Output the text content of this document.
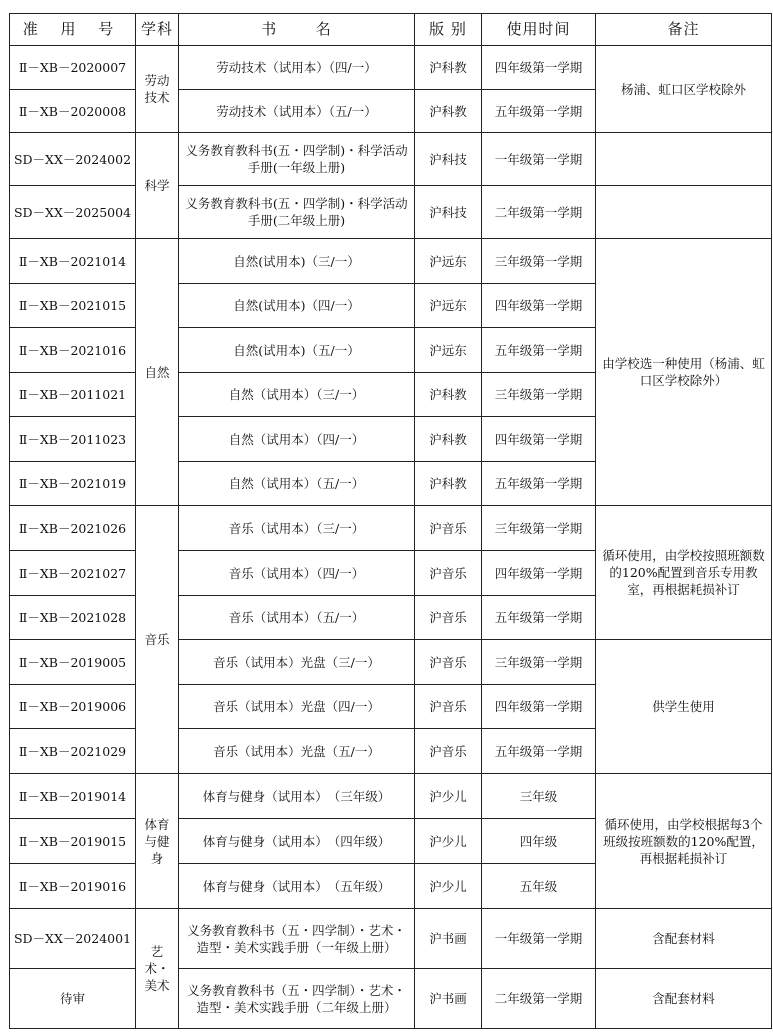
准 用 号	学科	书 名	版 别	使用时间	备注
Ⅱ－XB－2020007	劳动技术	劳动技术（试用本）（四/一）	沪科教	四年级第一学期	杨浦、虹口区学校除外
Ⅱ－XB－2020008		劳动技术（试用本）（五/一）	沪科教	五年级第一学期	
SD－XX－2024002	科学	义务教育教科书(五・四学制)・科学活动手册(一年级上册)	沪科技	一年级第一学期	
SD－XX－2025004		义务教育教科书(五・四学制)・科学活动手册(二年级上册)	沪科技	二年级第一学期	
Ⅱ－XB－2021014	自然	自然(试用本)（三/一）	沪远东	三年级第一学期	由学校选一种使用（杨浦、虹口区学校除外）
Ⅱ－XB－2021015		自然(试用本)（四/一）	沪远东	四年级第一学期	
Ⅱ－XB－2021016		自然(试用本)（五/一）	沪远东	五年级第一学期	
Ⅱ－XB－2011021		自然（试用本）（三/一）	沪科教	三年级第一学期	
Ⅱ－XB－2011023		自然（试用本）（四/一）	沪科教	四年级第一学期	
Ⅱ－XB－2021019		自然（试用本）（五/一）	沪科教	五年级第一学期	
Ⅱ－XB－2021026	音乐	音乐（试用本）（三/一）	沪音乐	三年级第一学期	循环使用，由学校按照班额数的120%配置到音乐专用教室，再根据耗损补订
Ⅱ－XB－2021027		音乐（试用本）（四/一）	沪音乐	四年级第一学期	
Ⅱ－XB－2021028		音乐（试用本）（五/一）	沪音乐	五年级第一学期	
Ⅱ－XB－2019005		音乐（试用本）光盘（三/一）	沪音乐	三年级第一学期	供学生使用
Ⅱ－XB－2019006		音乐（试用本）光盘（四/一）	沪音乐	四年级第一学期	
Ⅱ－XB－2021029		音乐（试用本）光盘（五/一）	沪音乐	五年级第一学期	
Ⅱ－XB－2019014	体育与健身	体育与健身（试用本）　（三年级）	沪少儿	三年级	循环使用，由学校根据每3个班级按班额数的120%配置，再根据耗损补订
Ⅱ－XB－2019015		体育与健身（试用本）　（四年级）	沪少儿	四年级	
Ⅱ－XB－2019016		体育与健身（试用本）　（五年级）	沪少儿	五年级	
SD－XX－2024001	艺术・美术	义务教育教科书（五・四学制）・艺术・造型・美术实践手册（一年级上册）	沪书画	一年级第一学期	含配套材料
待审		义务教育教科书（五・四学制）・艺术・造型・美术实践手册（二年级上册）	沪书画	二年级第一学期	含配套材料
